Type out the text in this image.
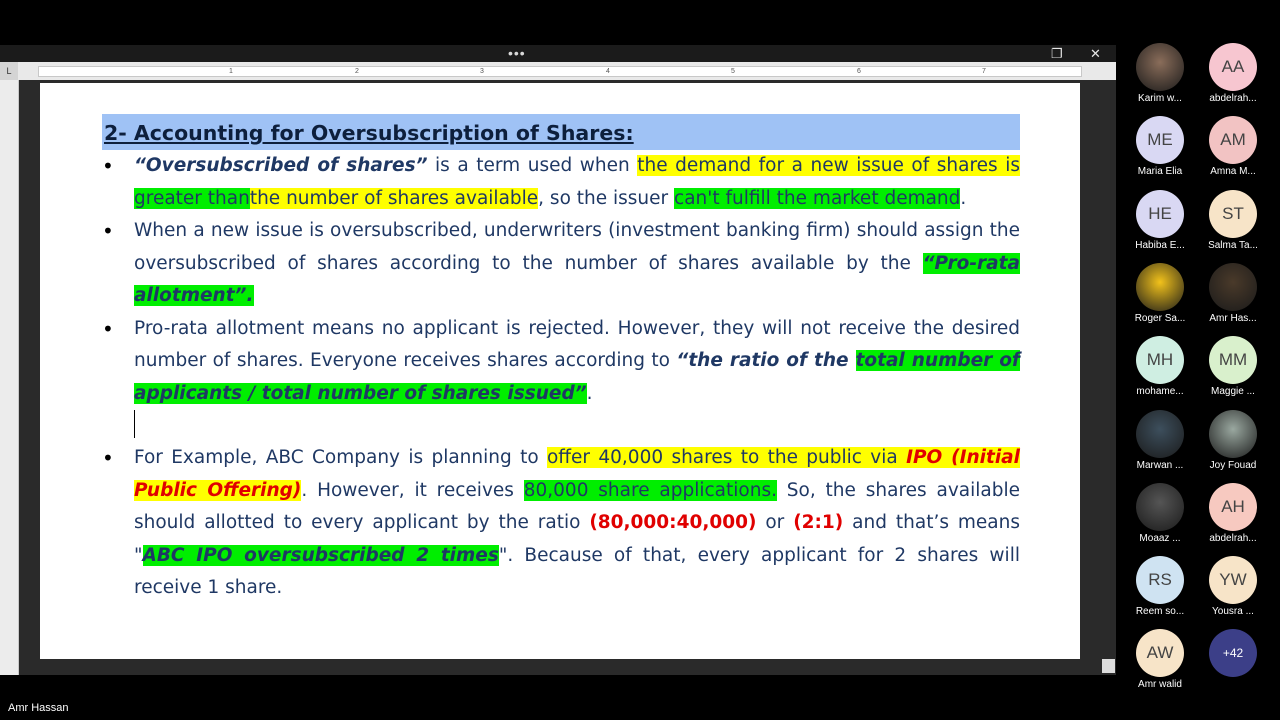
•••	❐ ✕
L	1	2	3	4	5	6	7
2- Accounting for Oversubscription of Shares:
• “Oversubscribed of shares” is a term used when the demand for a new issue of shares is greater thanthe number of shares available, so the issuer can't fulfill the market demand.
• When a new issue is oversubscribed, underwriters (investment banking firm) should assign the oversubscribed of shares according to the number of shares available by the “Pro-rata allotment”.
• Pro-rata allotment means no applicant is rejected. However, they will not receive the desired number of shares. Everyone receives shares according to “the ratio of the total number of applicants / total number of shares issued”.
• For Example, ABC Company is planning to offer 40,000 shares to the public via IPO (Initial Public Offering). However, it receives 80,000 share applications. So, the shares available should allotted to every applicant by the ratio (80,000:40,000) or (2:1) and that’s means "ABC IPO oversubscribed 2 times". Because of that, every applicant for 2 shares will receive 1 share.
Karim w...
AA
abdelrah...
ME
Maria Elia
AM
Amna M...
HE
Habiba E...
ST
Salma Ta...
Roger Sa...	Amr Has...
MH
mohame...
MM
Maggie ...
Marwan ...	Joy Fouad
Moaaz ...
AH
abdelrah...
RS
Reem so...
YW
Yousra ...
AW
Amr walid
+42
Amr Hassan
